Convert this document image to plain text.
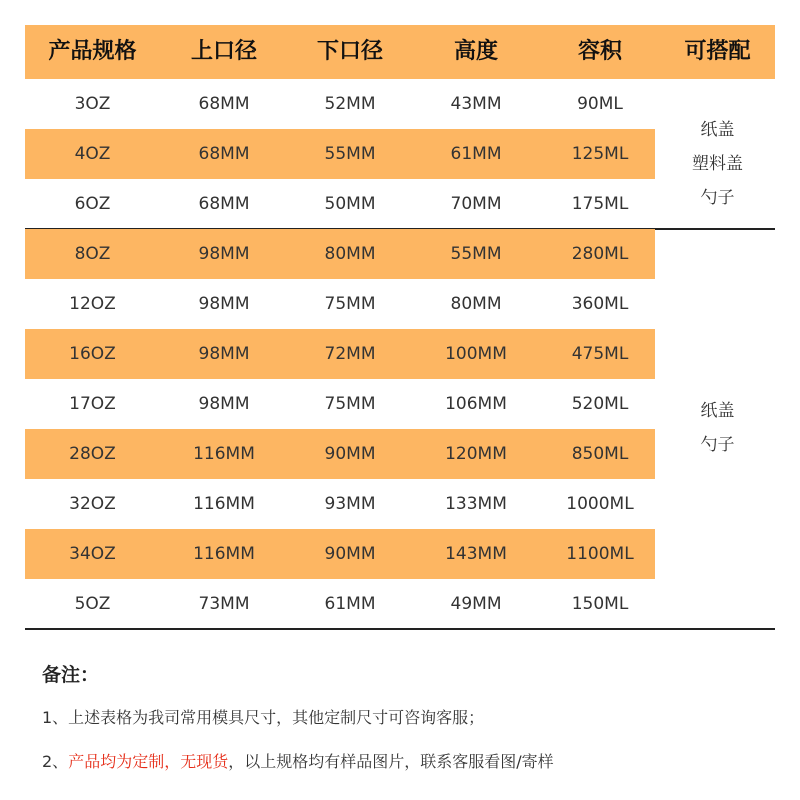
产品规格	上口径	下口径	高度	容积	可搭配
3OZ	68MM	52MM	43MM	90ML
4OZ	68MM	55MM	61MM	125ML
6OZ	68MM	50MM	70MM	175ML
纸盖
塑料盖
勺子
8OZ	98MM	80MM	55MM	280ML
12OZ	98MM	75MM	80MM	360ML
16OZ	98MM	72MM	100MM	475ML
17OZ	98MM	75MM	106MM	520ML
28OZ	116MM	90MM	120MM	850ML
32OZ	116MM	93MM	133MM	1000ML
34OZ	116MM	90MM	143MM	1100ML
5OZ	73MM	61MM	49MM	150ML
纸盖
勺子
备注：
1、上述表格为我司常用模具尺寸，其他定制尺寸可咨询客服；
2、产品均为定制，无现货，以上规格均有样品图片，联系客服看图/寄样
